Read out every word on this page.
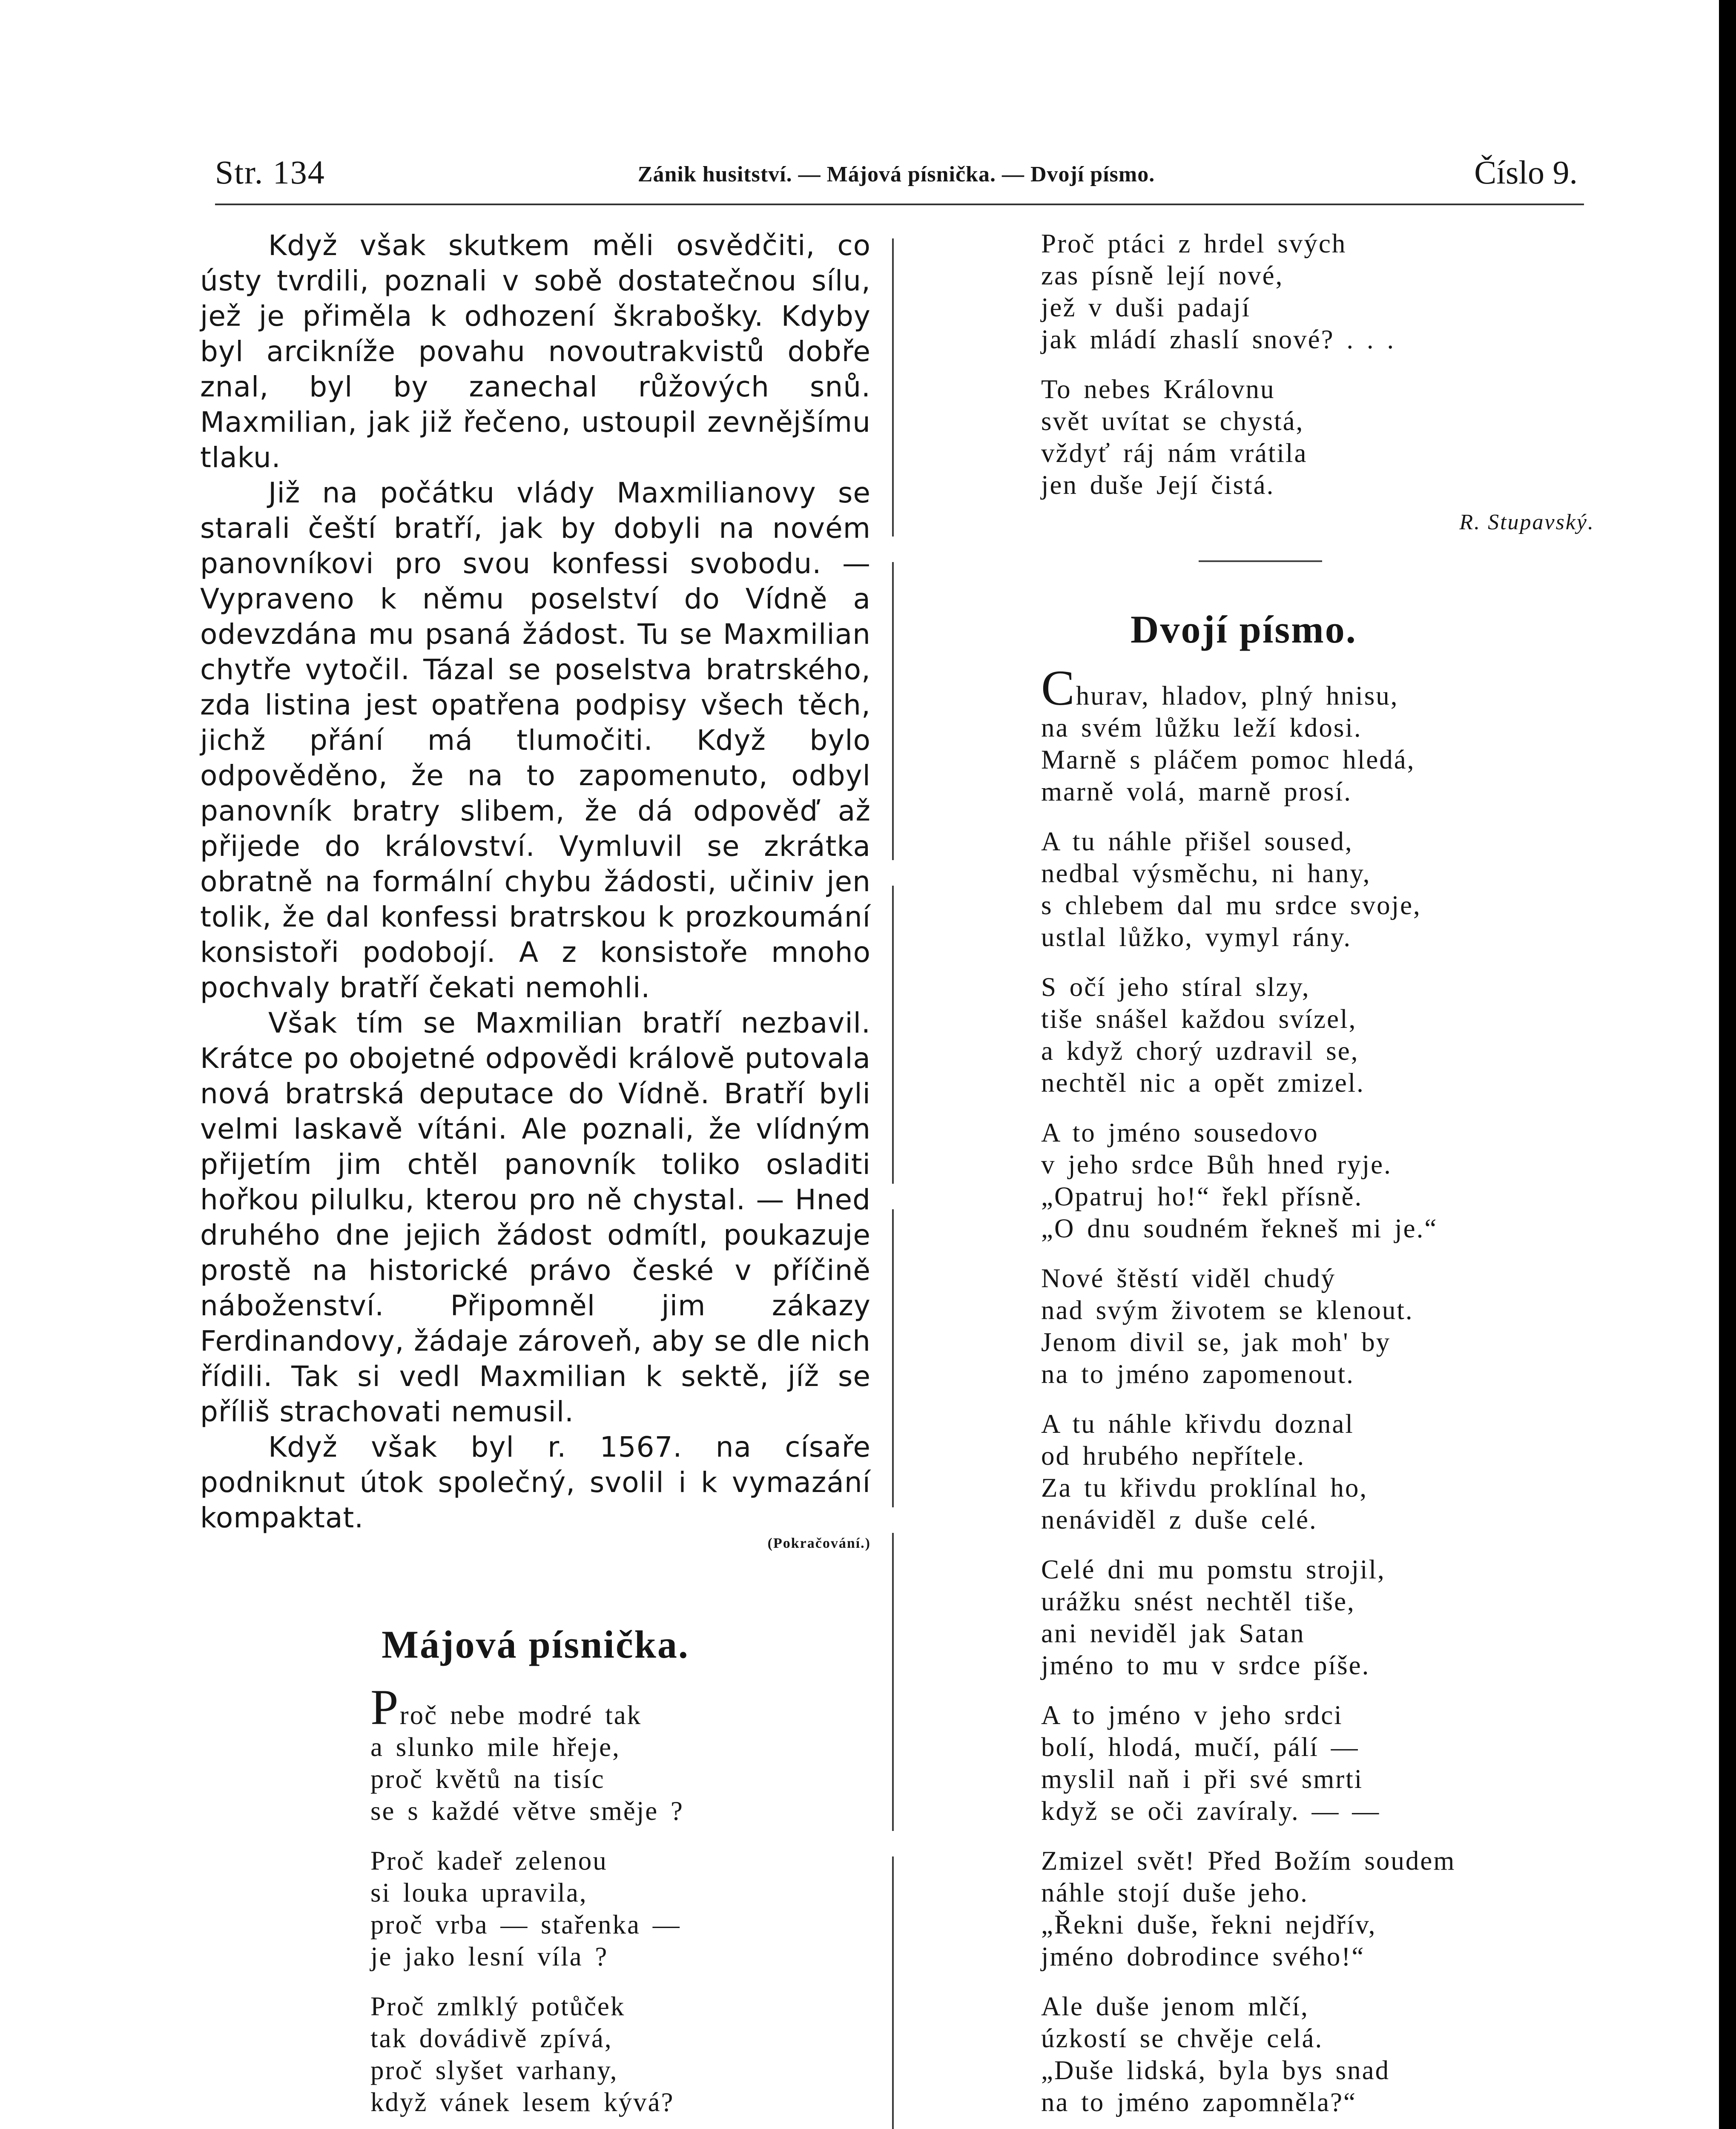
Str. 134	Zánik husitství. — Májová písnička. — Dvojí písmo.	Číslo 9.

Když však skutkem měli osvědčiti, co ústy tvrdili, poznali v sobě dostatečnou sílu, jež je přiměla k odhození škrabošky. Kdyby byl arcikníže povahu novoutrakvistů dobře znal, byl by zanechal růžových snů. Maxmilian, jak již řečeno, ustoupil zevnějšímu tlaku.

Již na počátku vlády Maxmilianovy se starali čeští bratří, jak by dobyli na novém panovníkovi pro svou konfessi svobodu. — Vypraveno k němu poselství do Vídně a odevzdána mu psaná žádost. Tu se Maxmilian chytře vytočil. Tázal se poselstva bratrského, zda listina jest opatřena podpisy všech těch, jichž přání má tlumočiti. Když bylo odpověděno, že na to zapomenuto, odbyl panovník bratry slibem, že dá odpověď až přijede do království. Vymluvil se zkrátka obratně na formální chybu žádosti, učiniv jen tolik, že dal konfessi bratrskou k prozkoumání konsistoři podobojí. A z konsistoře mnoho pochvaly bratří čekati nemohli.

Však tím se Maxmilian bratří nezbavil. Krátce po obojetné odpovědi královĕ putovala nová bratrská deputace do Vídně. Bratří byli velmi laskavě vítáni. Ale poznali, že vlídným přijetím jim chtěl panovník toliko osladiti hořkou pilulku, kterou pro ně chystal. — Hned druhého dne jejich žádost odmítl, poukazuje prostě na historické právo české v příčině náboženství. Připomněl jim zákazy Ferdinandovy, žádaje zároveň, aby se dle nich řídili. Tak si vedl Maxmilian k sektě, jíž se příliš strachovati nemusil.

Když však byl r. 1567. na císaře podniknut útok společný, svolil i k vymazání kompaktat.

(Pokračování.)
Májová písnička.
Proč nebe modré tak
a slunko mile hřeje,
proč květů na tisíc
se s každé větve směje ?
Proč kadeř zelenou
si louka upravila,
proč vrba — stařenka —
je jako lesní víla ?
Proč zmlklý potůček
tak dovádivě zpívá,
proč slyšet varhany,
když vánek lesem kývá?
Proč ptáci z hrdel svých
zas písně lejí nové,
jež v duši padají
jak mládí zhaslí snové? . . .
To nebes Královnu
svět uvítat se chystá,
vždyť ráj nám vrátila
jen duše Její čistá.
R. Stupavský.
Dvojí písmo.
Churav, hladov, plný hnisu,
na svém lůžku leží kdosi.
Marně s pláčem pomoc hledá,
marně volá, marně prosí.
A tu náhle přišel soused,
nedbal výsměchu, ni hany,
s chlebem dal mu srdce svoje,
ustlal lůžko, vymyl rány.
S očí jeho stíral slzy,
tiše snášel každou svízel,
a když chorý uzdravil se,
nechtěl nic a opět zmizel.
A to jméno sousedovo
v jeho srdce Bůh hned ryje.
„Opatruj ho!“ řekl přísně.
„O dnu soudném řekneš mi je.“
Nové štěstí viděl chudý
nad svým životem se klenout.
Jenom divil se, jak moh' by
na to jméno zapomenout.
A tu náhle křivdu doznal
od hrubého nepřítele.
Za tu křivdu proklínal ho,
nenáviděl z duše celé.
Celé dni mu pomstu strojil,
urážku snést nechtěl tiše,
ani neviděl jak Satan
jméno to mu v srdce píše.
A to jméno v jeho srdci
bolí, hlodá, mučí, pálí —
myslil naň i při své smrti
když se oči zavíraly. — —
Zmizel svět! Před Božím soudem
náhle stojí duše jeho.
„Řekni duše, řekni nejdřív,
jméno dobrodince svého!“
Ale duše jenom mlčí,
úzkostí se chvěje celá.
„Duše lidská, byla bys snad
na to jméno zapomněla?“
